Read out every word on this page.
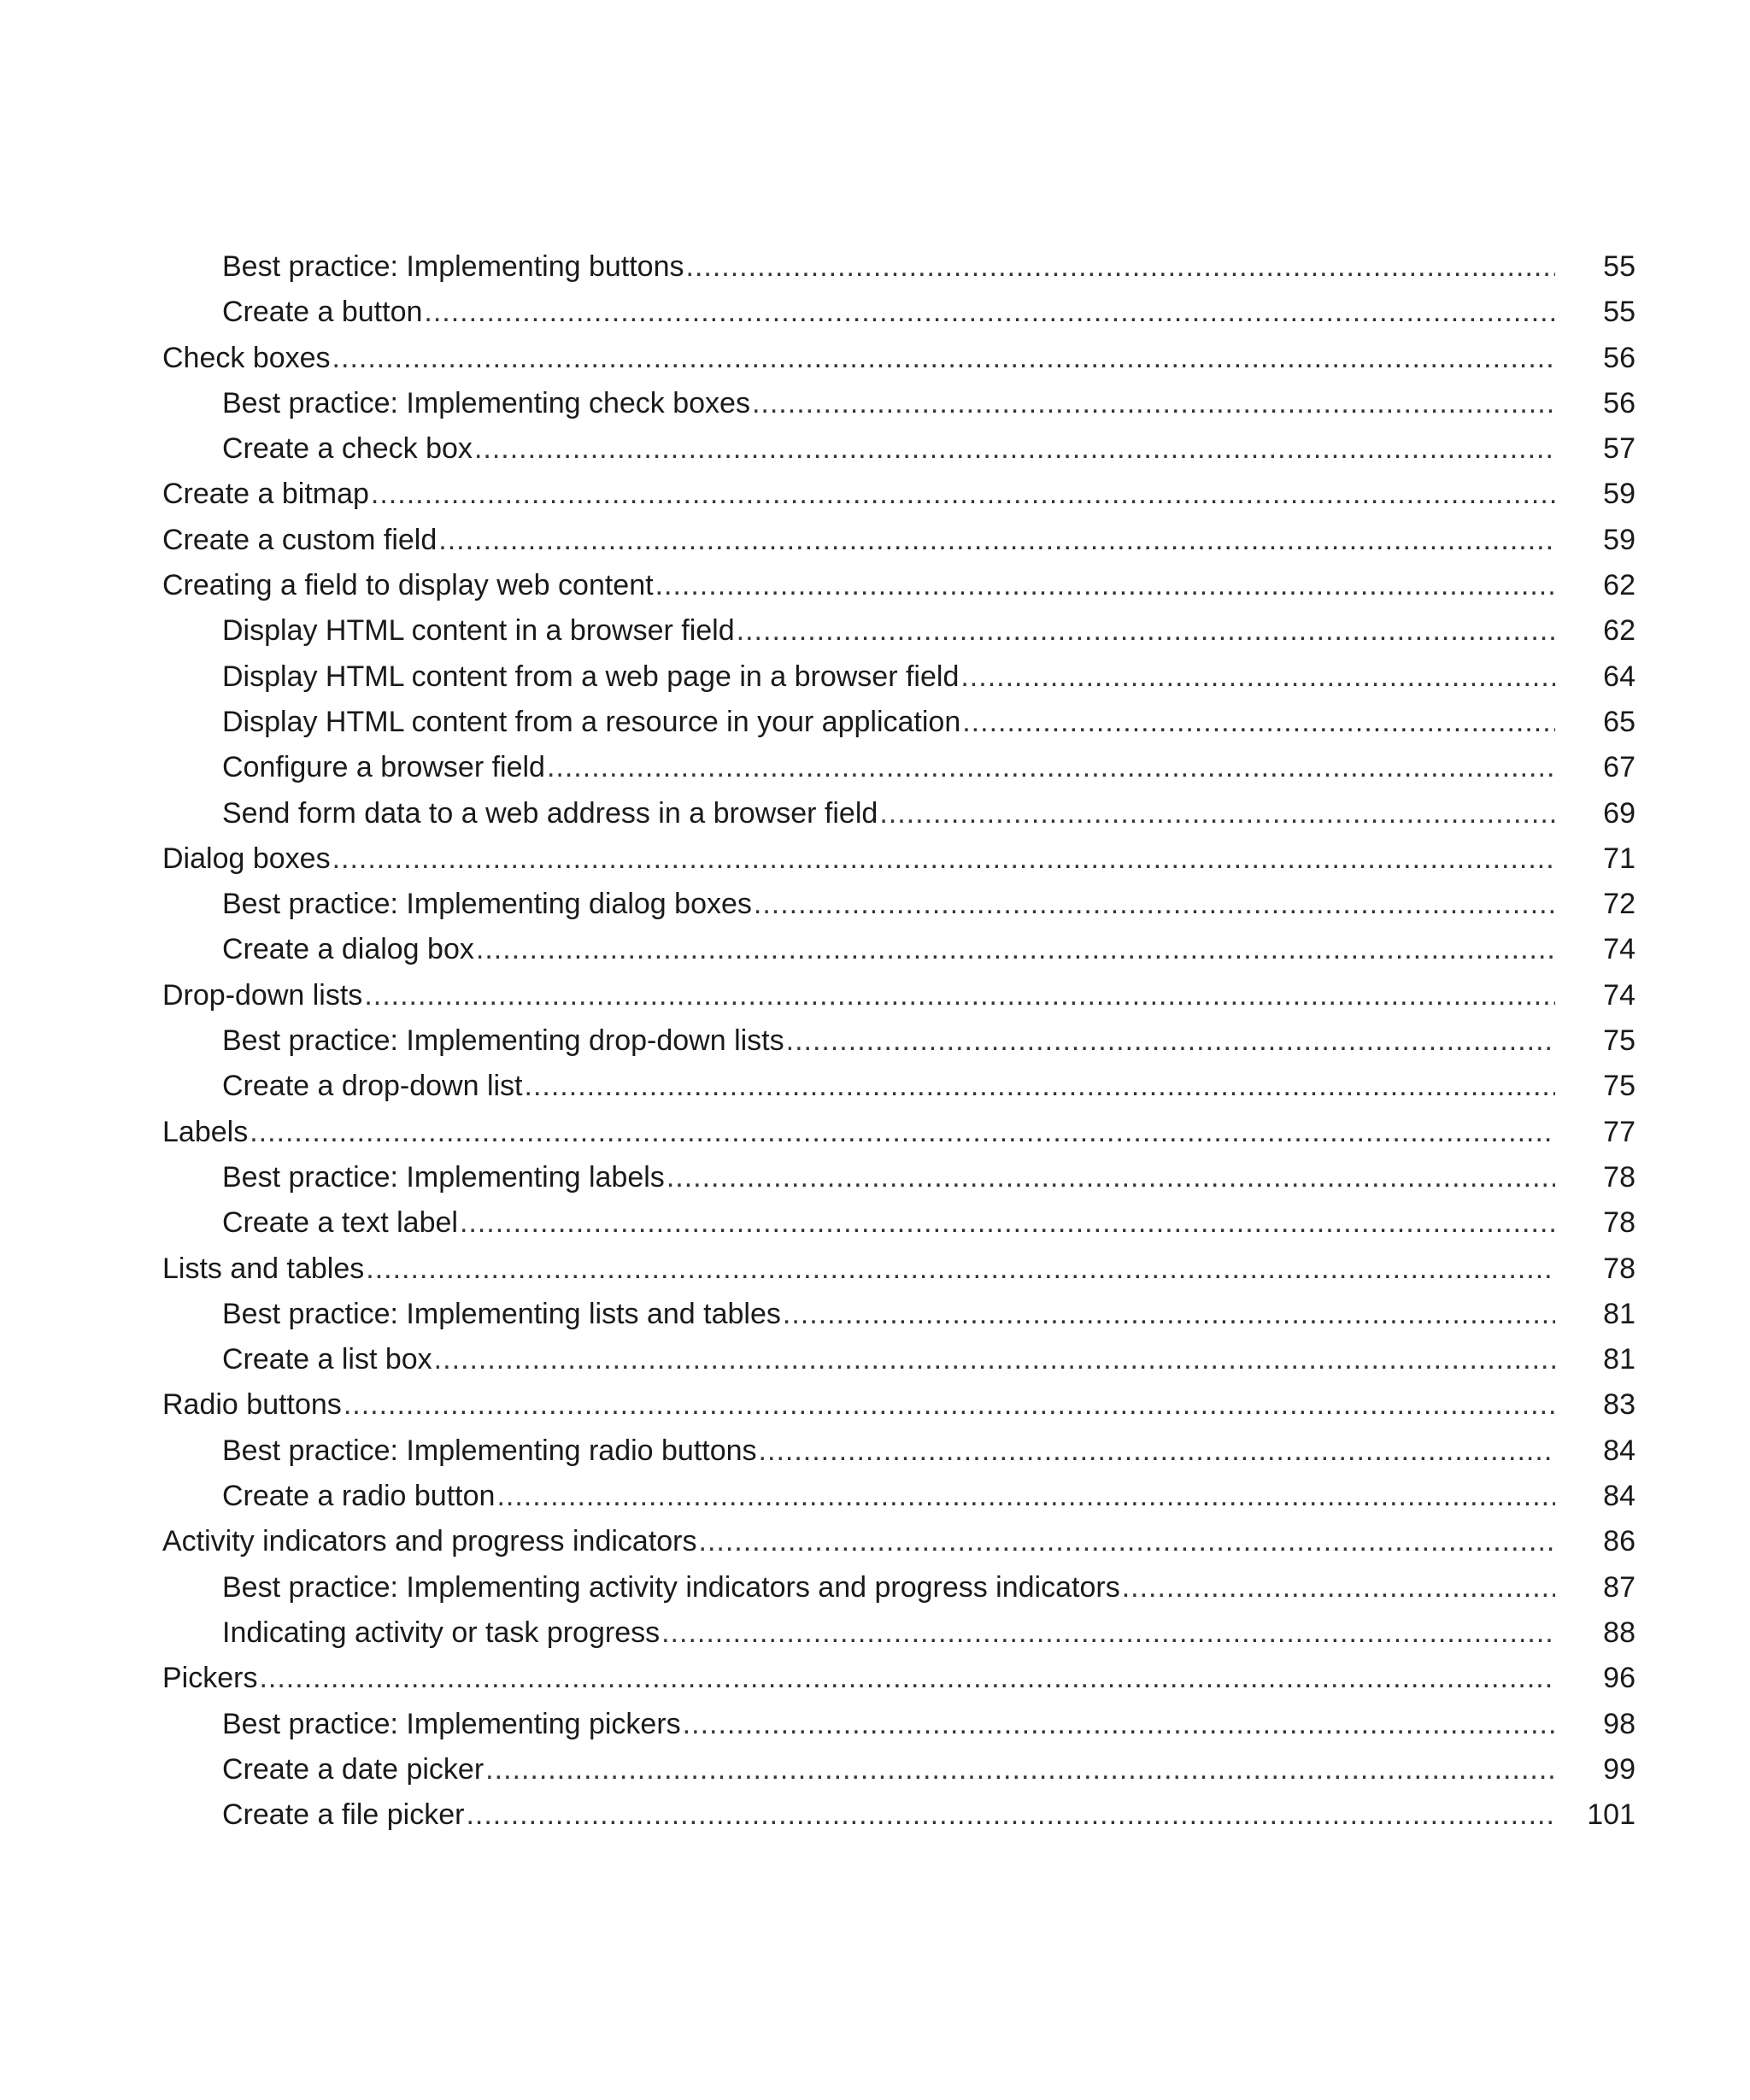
Best practice: Implementing buttons .....	55
Create a button .....	55
Check boxes .....	56
Best practice: Implementing check boxes .....	56
Create a check box .....	57
Create a bitmap .....	59
Create a custom field .....	59
Creating a field to display web content .....	62
Display HTML content in a browser field .....	62
Display HTML content from a web page in a browser field .....	64
Display HTML content from a resource in your application .....	65
Configure a browser field .....	67
Send form data to a web address in a browser field .....	69
Dialog boxes .....	71
Best practice: Implementing dialog boxes .....	72
Create a dialog box .....	74
Drop-down lists .....	74
Best practice: Implementing drop-down lists .....	75
Create a drop-down list .....	75
Labels .....	77
Best practice: Implementing labels .....	78
Create a text label .....	78
Lists and tables .....	78
Best practice: Implementing lists and tables .....	81
Create a list box .....	81
Radio buttons .....	83
Best practice: Implementing radio buttons .....	84
Create a radio button .....	84
Activity indicators and progress indicators .....	86
Best practice: Implementing activity indicators and progress indicators .....	87
Indicating activity or task progress .....	88
Pickers .....	96
Best practice: Implementing pickers .....	98
Create a date picker .....	99
Create a file picker .....	101
